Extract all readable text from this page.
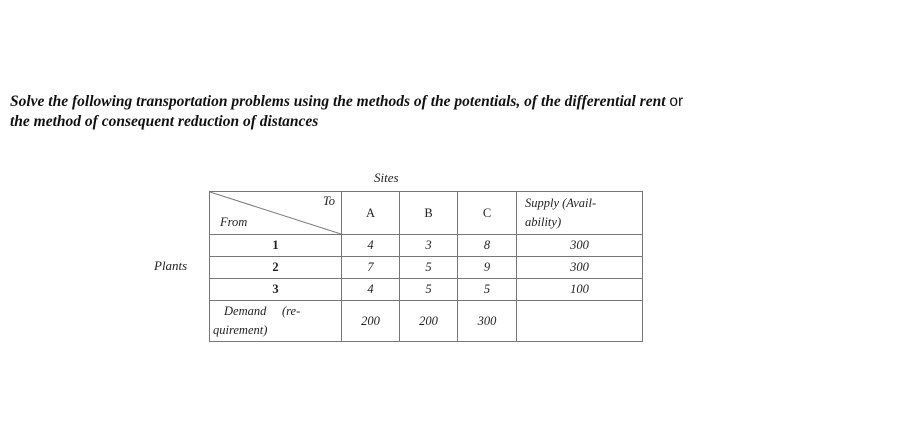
Solve the following transportation problems using the methods of the potentials, of the differential rent or
the method of consequent reduction of distances
Sites
Plants
To
From	A	B	C	Supply (Avail-
ability)
1	4	3	8	300
2	7	5	9	300
3	4	5	5	100
Demand (re-
quirement)	200	200	300	
